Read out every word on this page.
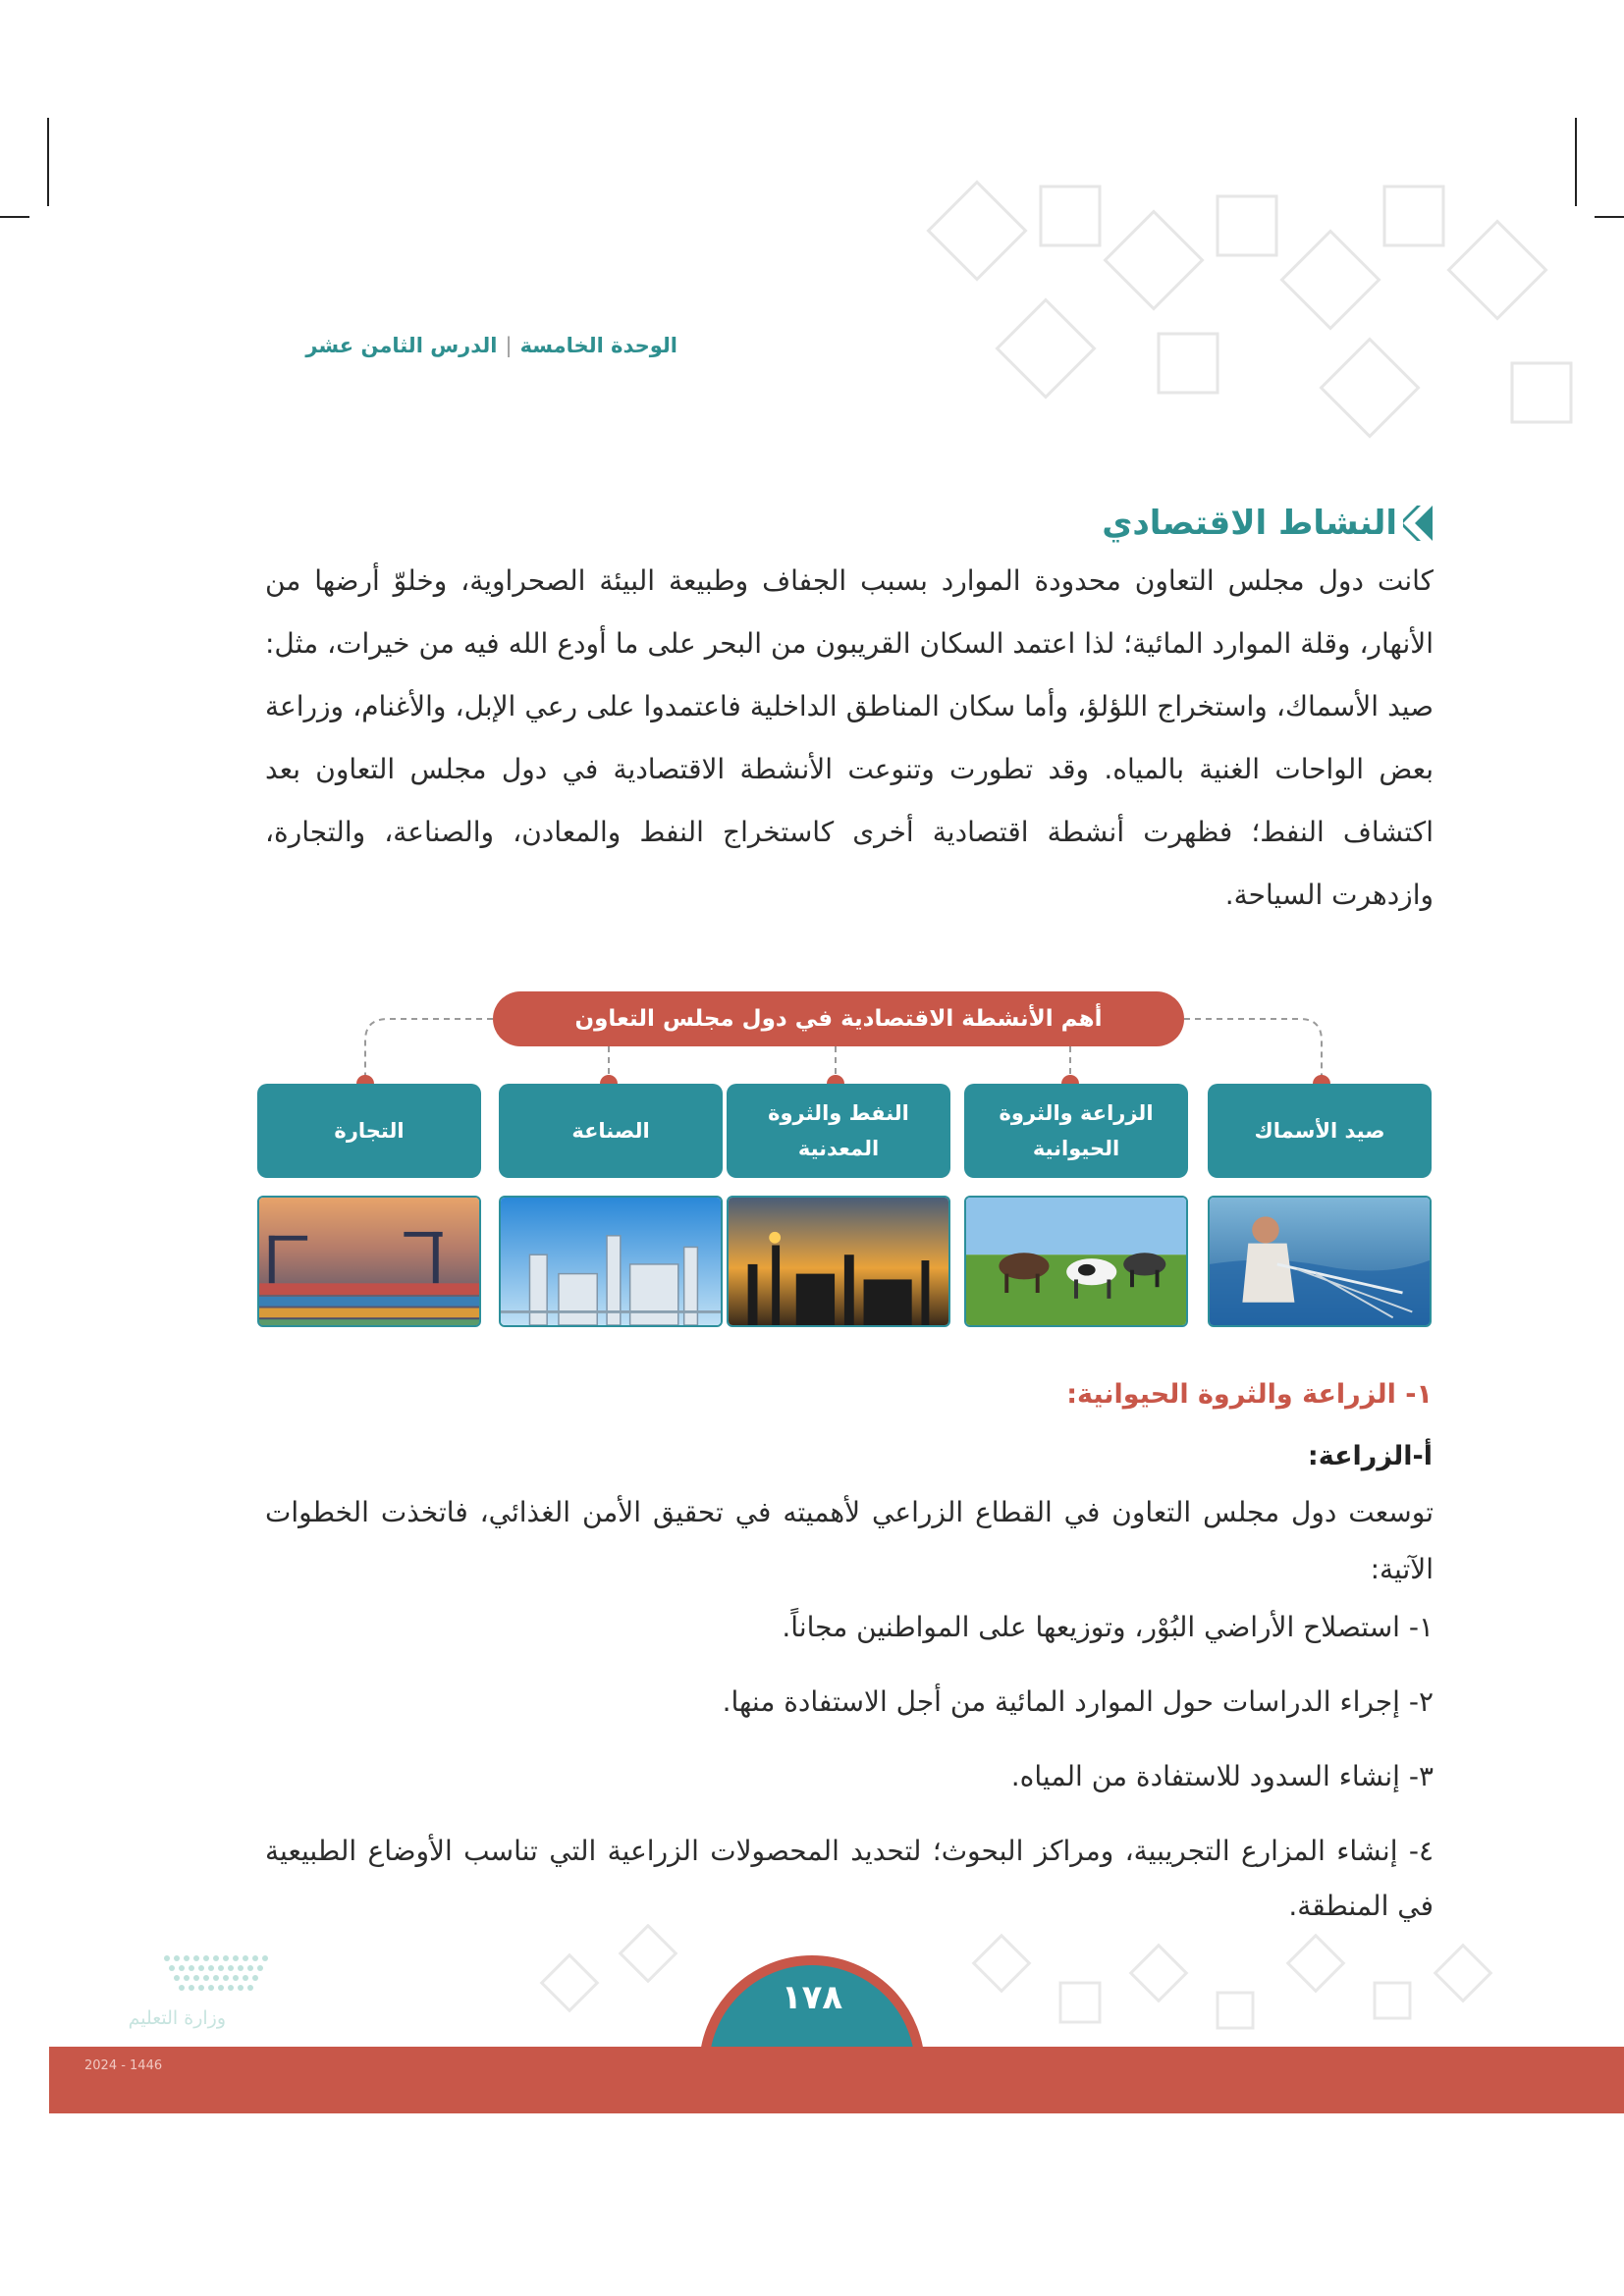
الوحدة الخامسة|الدرس الثامن عشر
النشاط الاقتصادي
كانت دول مجلس التعاون محدودة الموارد بسبب الجفاف وطبيعة البيئة الصحراوية، وخلوّ أرضها من الأنهار، وقلة الموارد المائية؛ لذا اعتمد السكان القريبون من البحر على ما أودع الله فيه من خيرات، مثل: صيد الأسماك، واستخراج اللؤلؤ، وأما سكان المناطق الداخلية فاعتمدوا على رعي الإبل، والأغنام، وزراعة بعض الواحات الغنية بالمياه. وقد تطورت وتنوعت الأنشطة الاقتصادية في دول مجلس التعاون بعد اكتشاف النفط؛ فظهرت أنشطة اقتصادية أخرى كاستخراج النفط والمعادن، والصناعة، والتجارة، وازدهرت السياحة.
أهم الأنشطة الاقتصادية في دول مجلس التعاون
صيد الأسماك
الزراعة والثروة الحيوانية
النفط والثروة المعدنية
الصناعة
التجارة
١- الزراعة والثروة الحيوانية:
أ-الزراعة:
توسعت دول مجلس التعاون في القطاع الزراعي لأهميته في تحقيق الأمن الغذائي، فاتخذت الخطوات الآتية:

١- استصلاح الأراضي البُوْر، وتوزيعها على المواطنين مجاناً.

٢- إجراء الدراسات حول الموارد المائية من أجل الاستفادة منها.

٣- إنشاء السدود للاستفادة من المياه.

٤- إنشاء المزارع التجريبية، ومراكز البحوث؛ لتحديد المحصولات الزراعية التي تناسب الأوضاع الطبيعية في المنطقة.

١٧٨
وزارة التعليم
2024 - 1446
